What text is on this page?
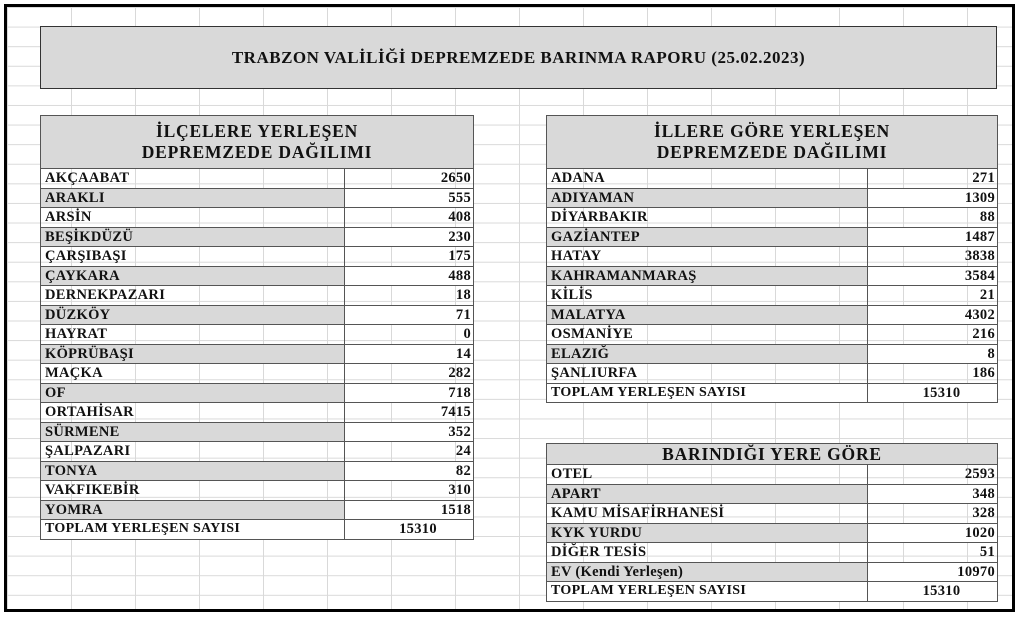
TRABZON VALİLİĞİ DEPREMZEDE BARINMA RAPORU (25.02.2023)
İLÇELERE YERLEŞEN
DEPREMZEDE DAĞILIMI	
AKÇAABAT	2650
ARAKLI	555
ARSİN	408
BEŞİKDÜZÜ	230
ÇARŞIBAŞI	175
ÇAYKARA	488
DERNEKPAZARI	18
DÜZKÖY	71
HAYRAT	0
KÖPRÜBAŞI	14
MAÇKA	282
OF	718
ORTAHİSAR	7415
SÜRMENE	352
ŞALPAZARI	24
TONYA	82
VAKFIKEBİR	310
YOMRA	1518
TOPLAM YERLEŞEN SAYISI	15310
İLLERE GÖRE YERLEŞEN
DEPREMZEDE DAĞILIMI	
ADANA	271
ADIYAMAN	1309
DİYARBAKIR	88
GAZİANTEP	1487
HATAY	3838
KAHRAMANMARAŞ	3584
KİLİS	21
MALATYA	4302
OSMANİYE	216
ELAZIĞ	8
ŞANLIURFA	186
TOPLAM YERLEŞEN SAYISI	15310
BARINDIĞI YERE GÖRE	
OTEL	2593
APART	348
KAMU MİSAFİRHANESİ	328
KYK YURDU	1020
DİĞER TESİS	51
EV (Kendi Yerleşen)	10970
TOPLAM YERLEŞEN SAYISI	15310
